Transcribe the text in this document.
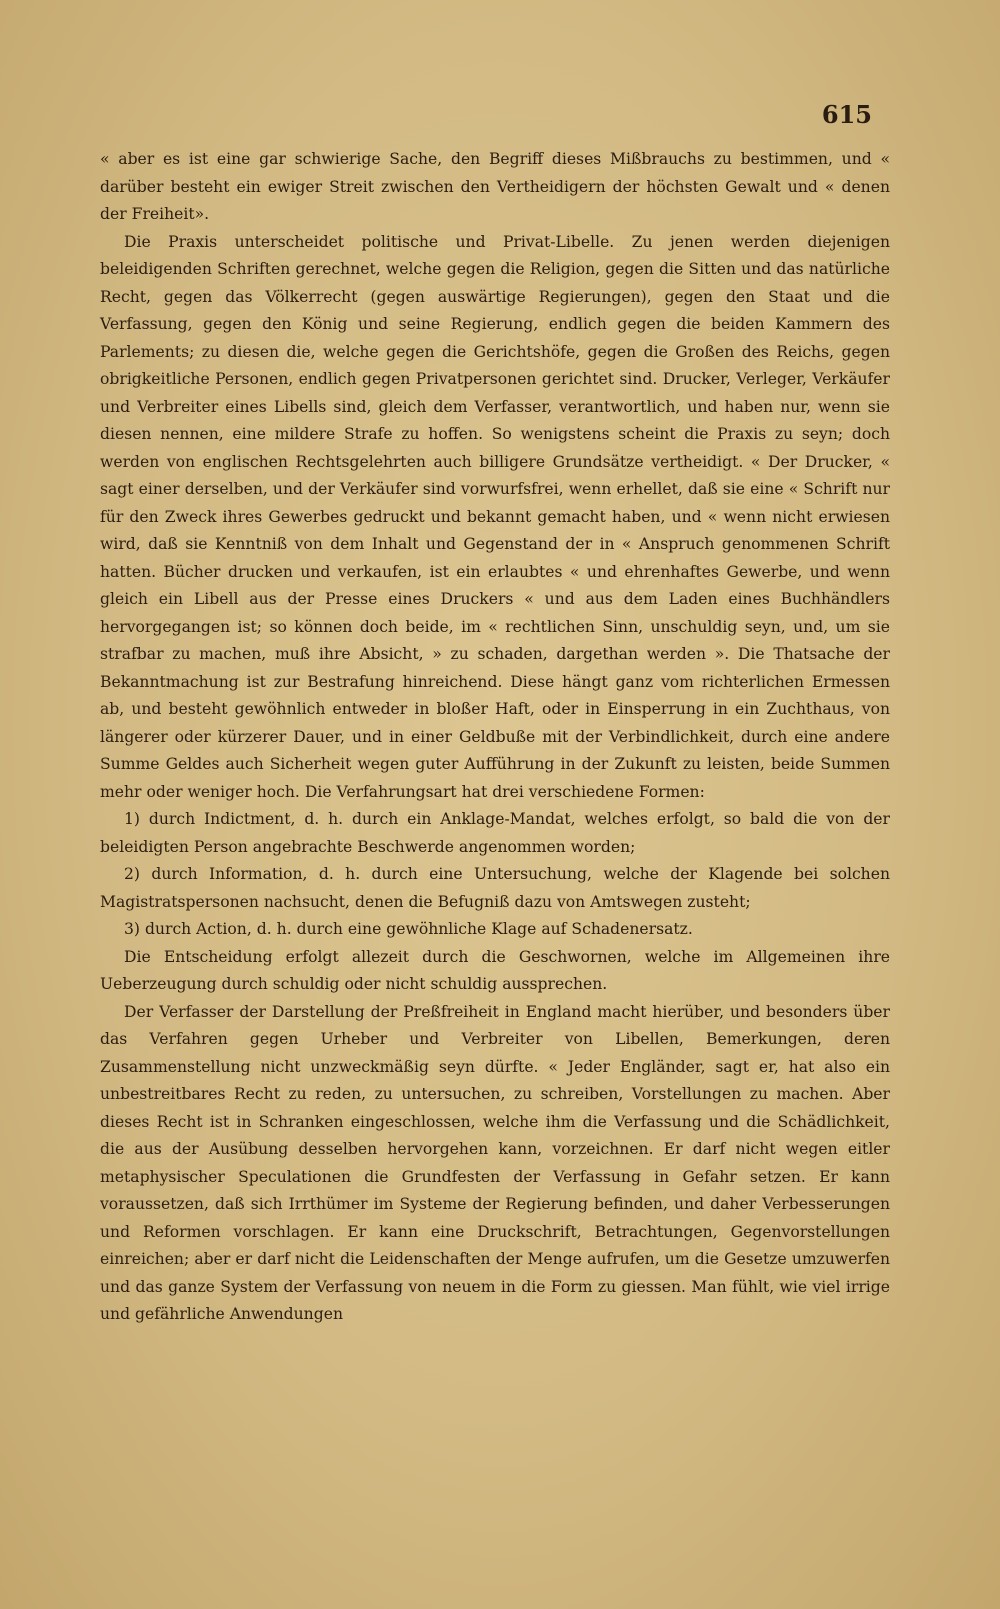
615

« aber es ist eine gar schwierige Sache, den Begriff dieses Mißbrauchs zu bestimmen, und « darüber besteht ein ewiger Streit zwischen den Vertheidigern der höchsten Gewalt und « denen der Freiheit».

Die Praxis unterscheidet politische und Privat-Libelle. Zu jenen werden diejenigen beleidigenden Schriften gerechnet, welche gegen die Religion, gegen die Sitten und das natürliche Recht, gegen das Völkerrecht (gegen auswärtige Regierungen), gegen den Staat und die Verfassung, gegen den König und seine Regierung, endlich gegen die beiden Kammern des Parlements; zu diesen die, welche gegen die Gerichtshöfe, gegen die Großen des Reichs, gegen obrigkeitliche Personen, endlich gegen Privatpersonen gerichtet sind. Drucker, Verleger, Verkäufer und Verbreiter eines Libells sind, gleich dem Verfasser, verantwortlich, und haben nur, wenn sie diesen nennen, eine mildere Strafe zu hoffen. So wenigstens scheint die Praxis zu seyn; doch werden von englischen Rechtsgelehrten auch billigere Grundsätze vertheidigt. « Der Drucker, « sagt einer derselben, und der Verkäufer sind vorwurfsfrei, wenn erhellet, daß sie eine « Schrift nur für den Zweck ihres Gewerbes gedruckt und bekannt gemacht haben, und « wenn nicht erwiesen wird, daß sie Kenntniß von dem Inhalt und Gegenstand der in « Anspruch genommenen Schrift hatten. Bücher drucken und verkaufen, ist ein erlaubtes « und ehrenhaftes Gewerbe, und wenn gleich ein Libell aus der Presse eines Druckers « und aus dem Laden eines Buchhändlers hervorgegangen ist; so können doch beide, im « rechtlichen Sinn, unschuldig seyn, und, um sie strafbar zu machen, muß ihre Absicht, » zu schaden, dargethan werden ». Die Thatsache der Bekanntmachung ist zur Bestrafung hinreichend. Diese hängt ganz vom richterlichen Ermessen ab, und besteht gewöhnlich entweder in bloßer Haft, oder in Einsperrung in ein Zuchthaus, von längerer oder kürzerer Dauer, und in einer Geldbuße mit der Verbindlichkeit, durch eine andere Summe Geldes auch Sicherheit wegen guter Aufführung in der Zukunft zu leisten, beide Summen mehr oder weniger hoch. Die Verfahrungsart hat drei verschiedene Formen:

1) durch Indictment, d. h. durch ein Anklage-Mandat, welches erfolgt, so bald die von der beleidigten Person angebrachte Beschwerde angenommen worden;

2) durch Information, d. h. durch eine Untersuchung, welche der Klagende bei solchen Magistratspersonen nachsucht, denen die Befugniß dazu von Amtswegen zusteht;

3) durch Action, d. h. durch eine gewöhnliche Klage auf Schadenersatz.

Die Entscheidung erfolgt allezeit durch die Geschwornen, welche im Allgemeinen ihre Ueberzeugung durch schuldig oder nicht schuldig aussprechen.

Der Verfasser der Darstellung der Preßfreiheit in England macht hierüber, und besonders über das Verfahren gegen Urheber und Verbreiter von Libellen, Bemerkungen, deren Zusammenstellung nicht unzweckmäßig seyn dürfte. « Jeder Engländer, sagt er, hat also ein unbestreitbares Recht zu reden, zu untersuchen, zu schreiben, Vorstellungen zu machen. Aber dieses Recht ist in Schranken eingeschlossen, welche ihm die Verfassung und die Schädlichkeit, die aus der Ausübung desselben hervorgehen kann, vorzeichnen. Er darf nicht wegen eitler metaphysischer Speculationen die Grundfesten der Verfassung in Gefahr setzen. Er kann voraussetzen, daß sich Irrthümer im Systeme der Regierung befinden, und daher Verbesserungen und Reformen vorschlagen. Er kann eine Druckschrift, Betrachtungen, Gegenvorstellungen einreichen; aber er darf nicht die Leidenschaften der Menge aufrufen, um die Gesetze umzuwerfen und das ganze System der Verfassung von neuem in die Form zu giessen. Man fühlt, wie viel irrige und gefährliche Anwendungen
